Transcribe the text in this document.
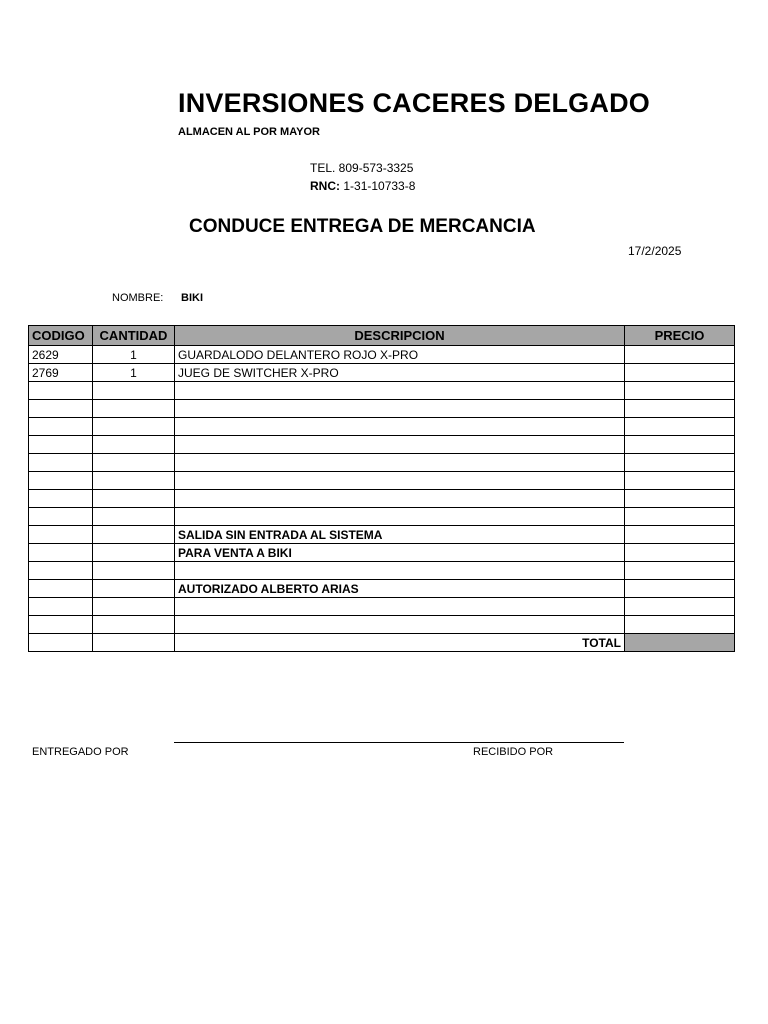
INVERSIONES CACERES DELGADO
ALMACEN AL POR MAYOR
TEL. 809-573-3325
RNC: 1-31-10733-8
CONDUCE ENTREGA DE MERCANCIA
17/2/2025
NOMBRE: BIKI
CODIGO	CANTIDAD	DESCRIPCION	PRECIO
2629	1	GUARDALODO DELANTERO ROJO X-PRO	
2769	1	JUEG DE SWITCHER X-PRO	

		SALIDA SIN ENTRADA AL SISTEMA	
		PARA VENTA A BIKI	

		AUTORIZADO ALBERTO ARIAS	

		TOTAL	
ENTREGADO POR	RECIBIDO POR
